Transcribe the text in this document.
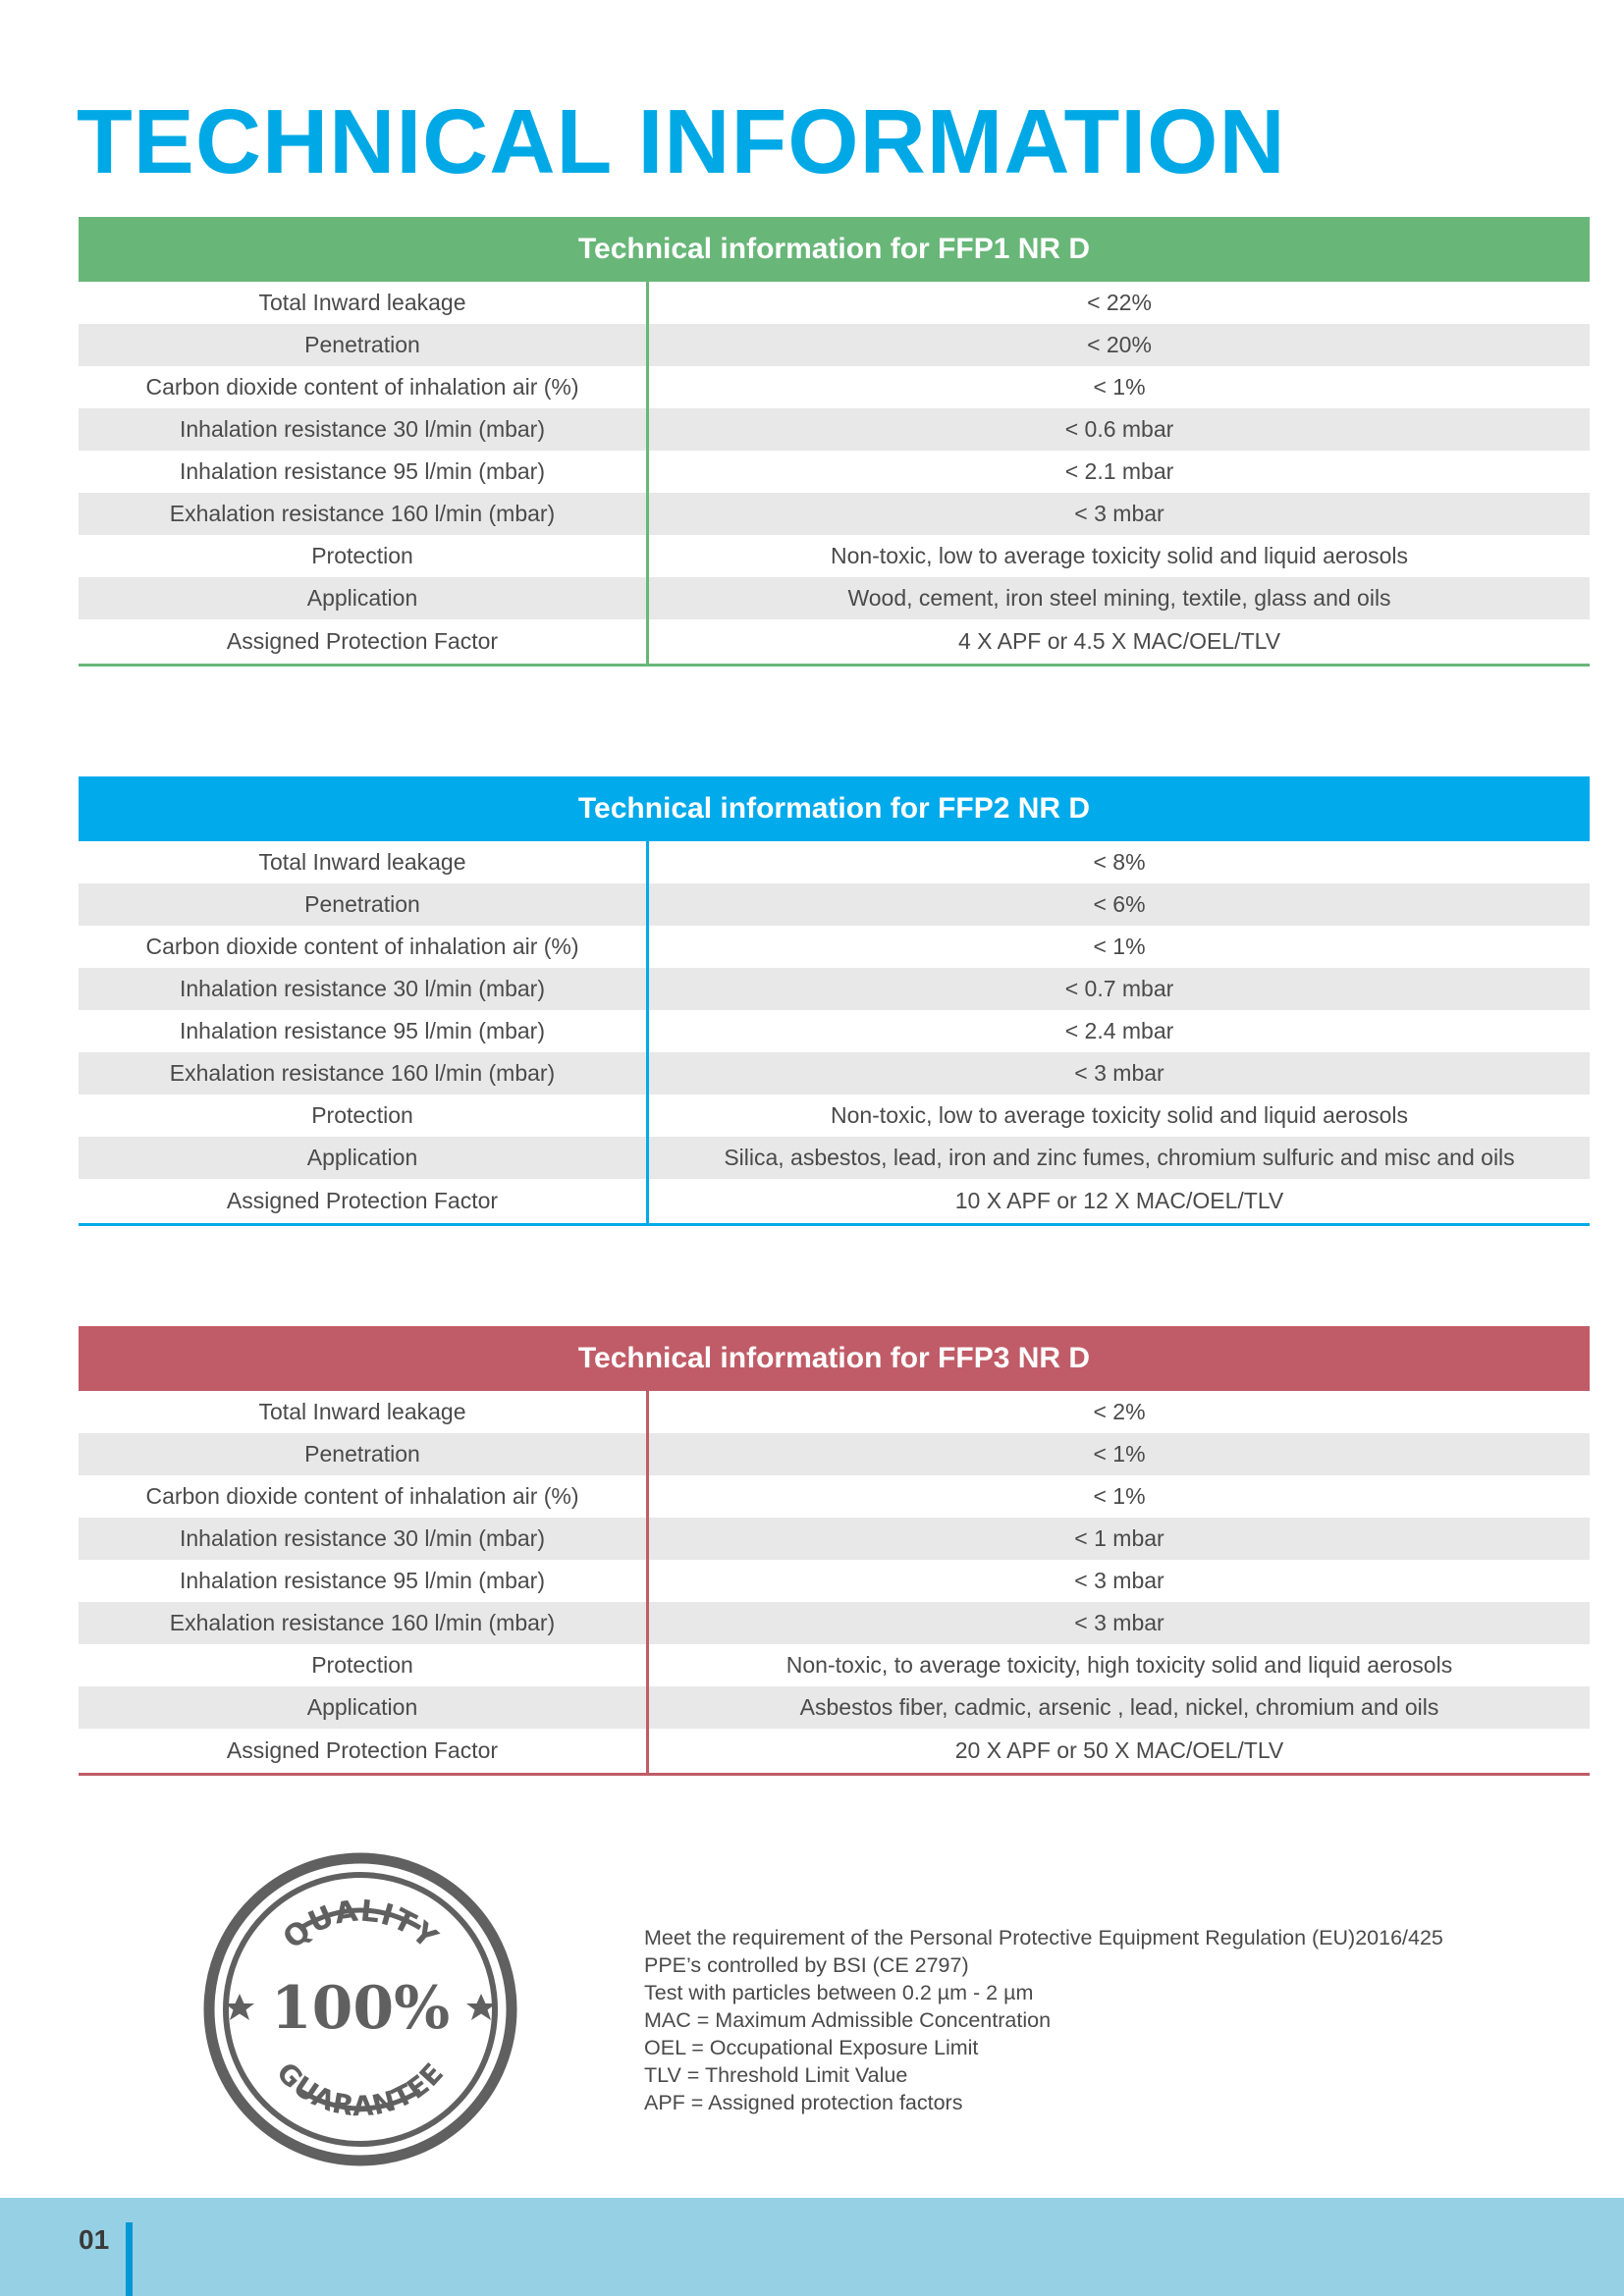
TECHNICAL INFORMATION
Technical information for FFP1 NR D
Total Inward leakage	< 22%
Penetration	< 20%
Carbon dioxide content of inhalation air (%)	< 1%
Inhalation resistance 30 l/min (mbar)	< 0.6 mbar
Inhalation resistance 95 l/min (mbar)	< 2.1 mbar
Exhalation resistance 160 l/min (mbar)	< 3 mbar
Protection	Non-toxic, low to average toxicity solid and liquid aerosols
Application	Wood, cement, iron steel mining, textile, glass and oils
Assigned Protection Factor	4 X APF or 4.5 X MAC/OEL/TLV
Technical information for FFP2 NR D
Total Inward leakage	< 8%
Penetration	< 6%
Carbon dioxide content of inhalation air (%)	< 1%
Inhalation resistance 30 l/min (mbar)	< 0.7 mbar
Inhalation resistance 95 l/min (mbar)	< 2.4 mbar
Exhalation resistance 160 l/min (mbar)	< 3 mbar
Protection	Non-toxic, low to average toxicity solid and liquid aerosols
Application	Silica, asbestos, lead, iron and zinc fumes, chromium sulfuric and misc and oils
Assigned Protection Factor	10 X APF or 12 X MAC/OEL/TLV
Technical information for FFP3 NR D
Total Inward leakage	< 2%
Penetration	< 1%
Carbon dioxide content of inhalation air (%)	< 1%
Inhalation resistance 30 l/min (mbar)	< 1 mbar
Inhalation resistance 95 l/min (mbar)	< 3 mbar
Exhalation resistance 160 l/min (mbar)	< 3 mbar
Protection	Non-toxic, to average toxicity, high toxicity solid and liquid aerosols
Application	Asbestos fiber, cadmic, arsenic , lead, nickel, chromium and oils
Assigned Protection Factor	20 X APF or 50 X MAC/OEL/TLV
QUALITY
GUARANTEE
100%
Meet the requirement of the Personal Protective Equipment Regulation (EU)2016/425
PPE’s controlled by BSI (CE 2797)
Test with particles between 0.2 µm - 2 µm
MAC = Maximum Admissible Concentration
OEL = Occupational Exposure Limit
TLV = Threshold Limit Value
APF = Assigned protection factors
01
